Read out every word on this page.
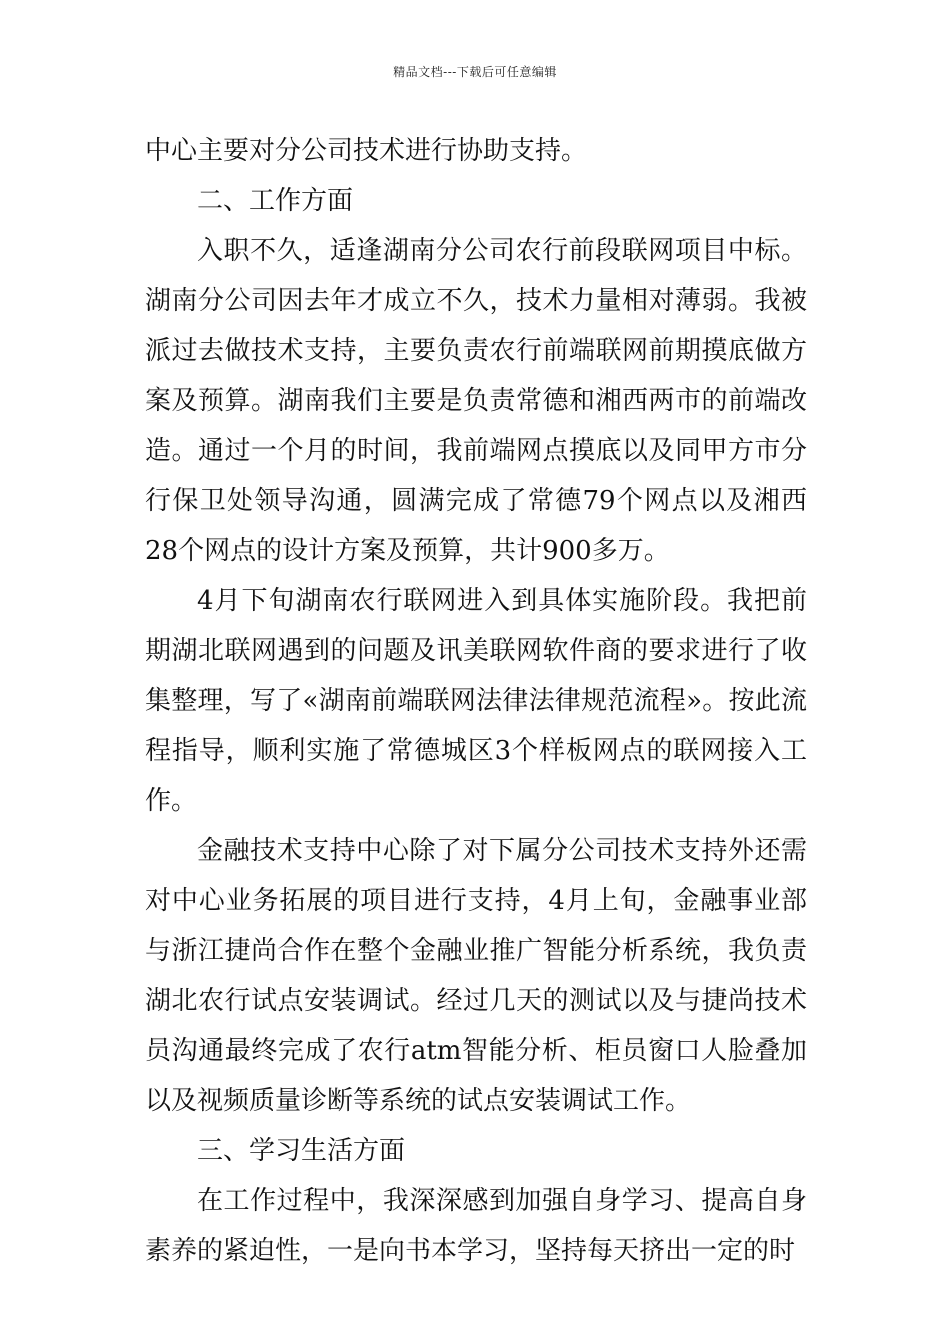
精品文档---下载后可任意编辑

中心主要对分公司技术进行协助支持。

二、工作方面

入职不久，适逢湖南分公司农行前段联网项目中标。湖南分公司因去年才成立不久，技术力量相对薄弱。我被派过去做技术支持，主要负责农行前端联网前期摸底做方案及预算。湖南我们主要是负责常德和湘西两市的前端改造。通过一个月的时间，我前端网点摸底以及同甲方市分行保卫处领导沟通，圆满完成了常德79个网点以及湘西28个网点的设计方案及预算，共计900多万。

4月下旬湖南农行联网进入到具体实施阶段。我把前期湖北联网遇到的问题及讯美联网软件商的要求进行了收集整理，写了«湖南前端联网法律法律规范流程»。按此流程指导，顺利实施了常德城区3个样板网点的联网接入工作。

金融技术支持中心除了对下属分公司技术支持外还需对中心业务拓展的项目进行支持，4月上旬，金融事业部与浙江捷尚合作在整个金融业推广智能分析系统，我负责湖北农行试点安装调试。经过几天的测试以及与捷尚技术员沟通最终完成了农行atm智能分析、柜员窗口人脸叠加以及视频质量诊断等系统的试点安装调试工作。

三、学习生活方面

在工作过程中，我深深感到加强自身学习、提高自身素养的紧迫性，一是向书本学习，坚持每天挤出一定的时
